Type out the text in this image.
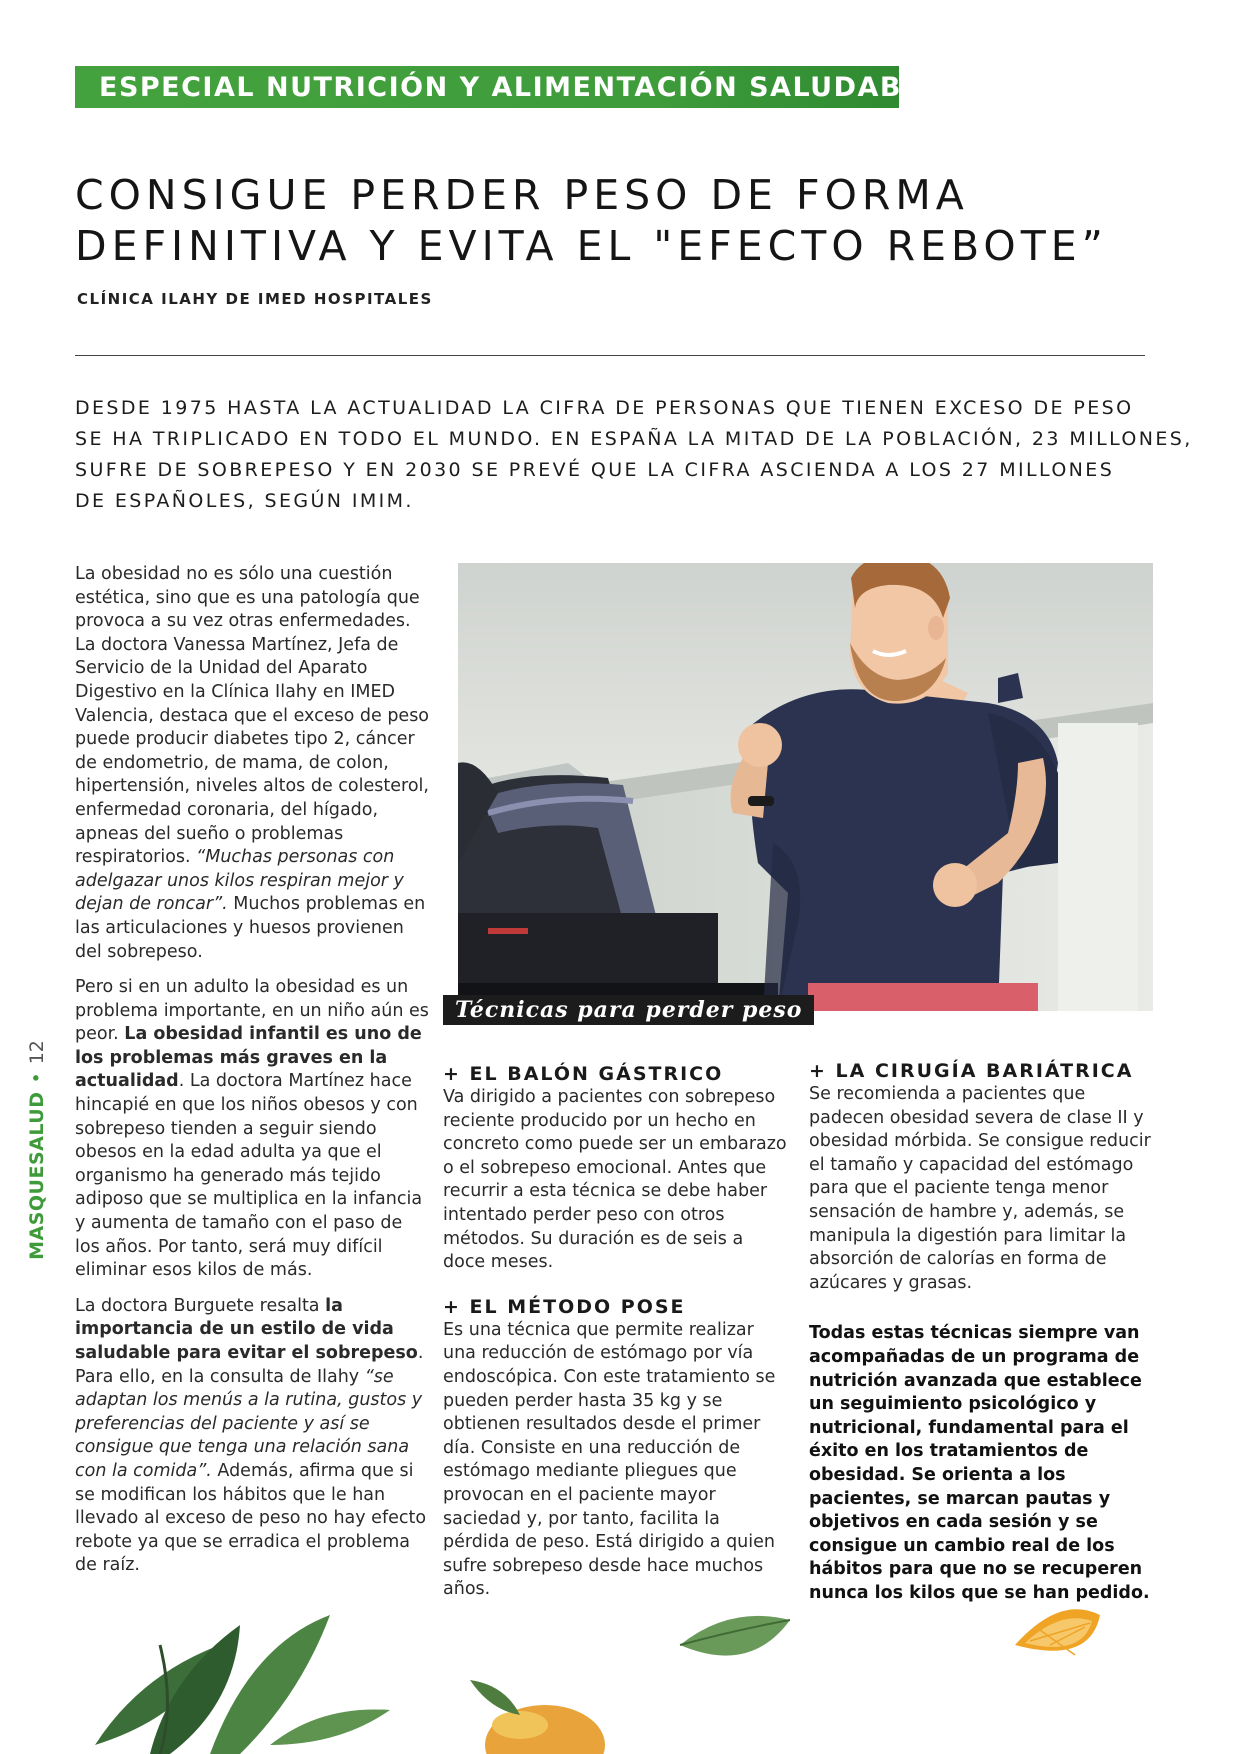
ESPECIAL NUTRICIÓN Y ALIMENTACIÓN SALUDABLE
CONSIGUE PERDER PESO DE FORMA
DEFINITIVA Y EVITA EL "EFECTO REBOTE”
CLÍNICA ILAHY DE IMED HOSPITALES
DESDE 1975 HASTA LA ACTUALIDAD LA CIFRA DE PERSONAS QUE TIENEN EXCESO DE PESO
SE HA TRIPLICADO EN TODO EL MUNDO. EN ESPAÑA LA MITAD DE LA POBLACIÓN, 23 MILLONES,
SUFRE DE SOBREPESO Y EN 2030 SE PREVÉ QUE LA CIFRA ASCIENDA A LOS 27 MILLONES
DE ESPAÑOLES, SEGÚN IMIM.

La obesidad no es sólo una cuestión estética, sino que es una patología que provoca a su vez otras enfermedades. La doctora Vanessa Martínez, Jefa de Servicio de la Unidad del Aparato Digestivo en la Clínica Ilahy en IMED Valencia, destaca que el exceso de peso puede producir diabetes tipo 2, cáncer de endometrio, de mama, de colon, hipertensión, niveles altos de colesterol, enfermedad coronaria, del hígado, apneas del sueño o problemas respiratorios. “Muchas personas con adelgazar unos kilos respiran mejor y dejan de roncar”. Muchos problemas en las articulaciones y huesos provienen del sobrepeso.

Pero si en un adulto la obesidad es un problema importante, en un niño aún es peor. La obesidad infantil es uno de los problemas más graves en la actualidad. La doctora Martínez hace hincapié en que los niños obesos y con sobrepeso tienden a seguir siendo obesos en la edad adulta ya que el organismo ha generado más tejido adiposo que se multiplica en la infancia y aumenta de tamaño con el paso de los años. Por tanto, será muy difícil eliminar esos kilos de más.

La doctora Burguete resalta la importancia de un estilo de vida saludable para evitar el sobrepeso. Para ello, en la consulta de Ilahy “se adaptan los menús a la rutina, gustos y preferencias del paciente y así se consigue que tenga una relación sana con la comida”. Además, afirma que si se modifican los hábitos que le han llevado al exceso de peso no hay efecto rebote ya que se erradica el problema de raíz.

Técnicas para perder peso
+ EL BALÓN GÁSTRICO

Va dirigido a pacientes con sobrepeso reciente producido por un hecho en concreto como puede ser un embarazo o el sobrepeso emocional. Antes que recurrir a esta técnica se debe haber intentado perder peso con otros métodos. Su duración es de seis a doce meses.

+ EL MÉTODO POSE

Es una técnica que permite realizar una reducción de estómago por vía endoscópica. Con este tratamiento se pueden perder hasta 35 kg y se obtienen resultados desde el primer día. Consiste en una reducción de estómago mediante pliegues que provocan en el paciente mayor saciedad y, por tanto, facilita la pérdida de peso. Está dirigido a quien sufre sobrepeso desde hace muchos años.

+ LA CIRUGÍA BARIÁTRICA

Se recomienda a pacientes que padecen obesidad severa de clase II y obesidad mórbida. Se consigue reducir el tamaño y capacidad del estómago para que el paciente tenga menor sensación de hambre y, además, se manipula la digestión para limitar la absorción de calorías en forma de azúcares y grasas.

Todas estas técnicas siempre van acompañadas de un programa de nutrición avanzada que establece un seguimiento psicológico y nutricional, fundamental para el éxito en los tratamientos de obesidad. Se orienta a los pacientes, se marcan pautas y objetivos en cada sesión y se consigue un cambio real de los hábitos para que no se recuperen nunca los kilos que se han pedido.

MASQUESALUD•12
